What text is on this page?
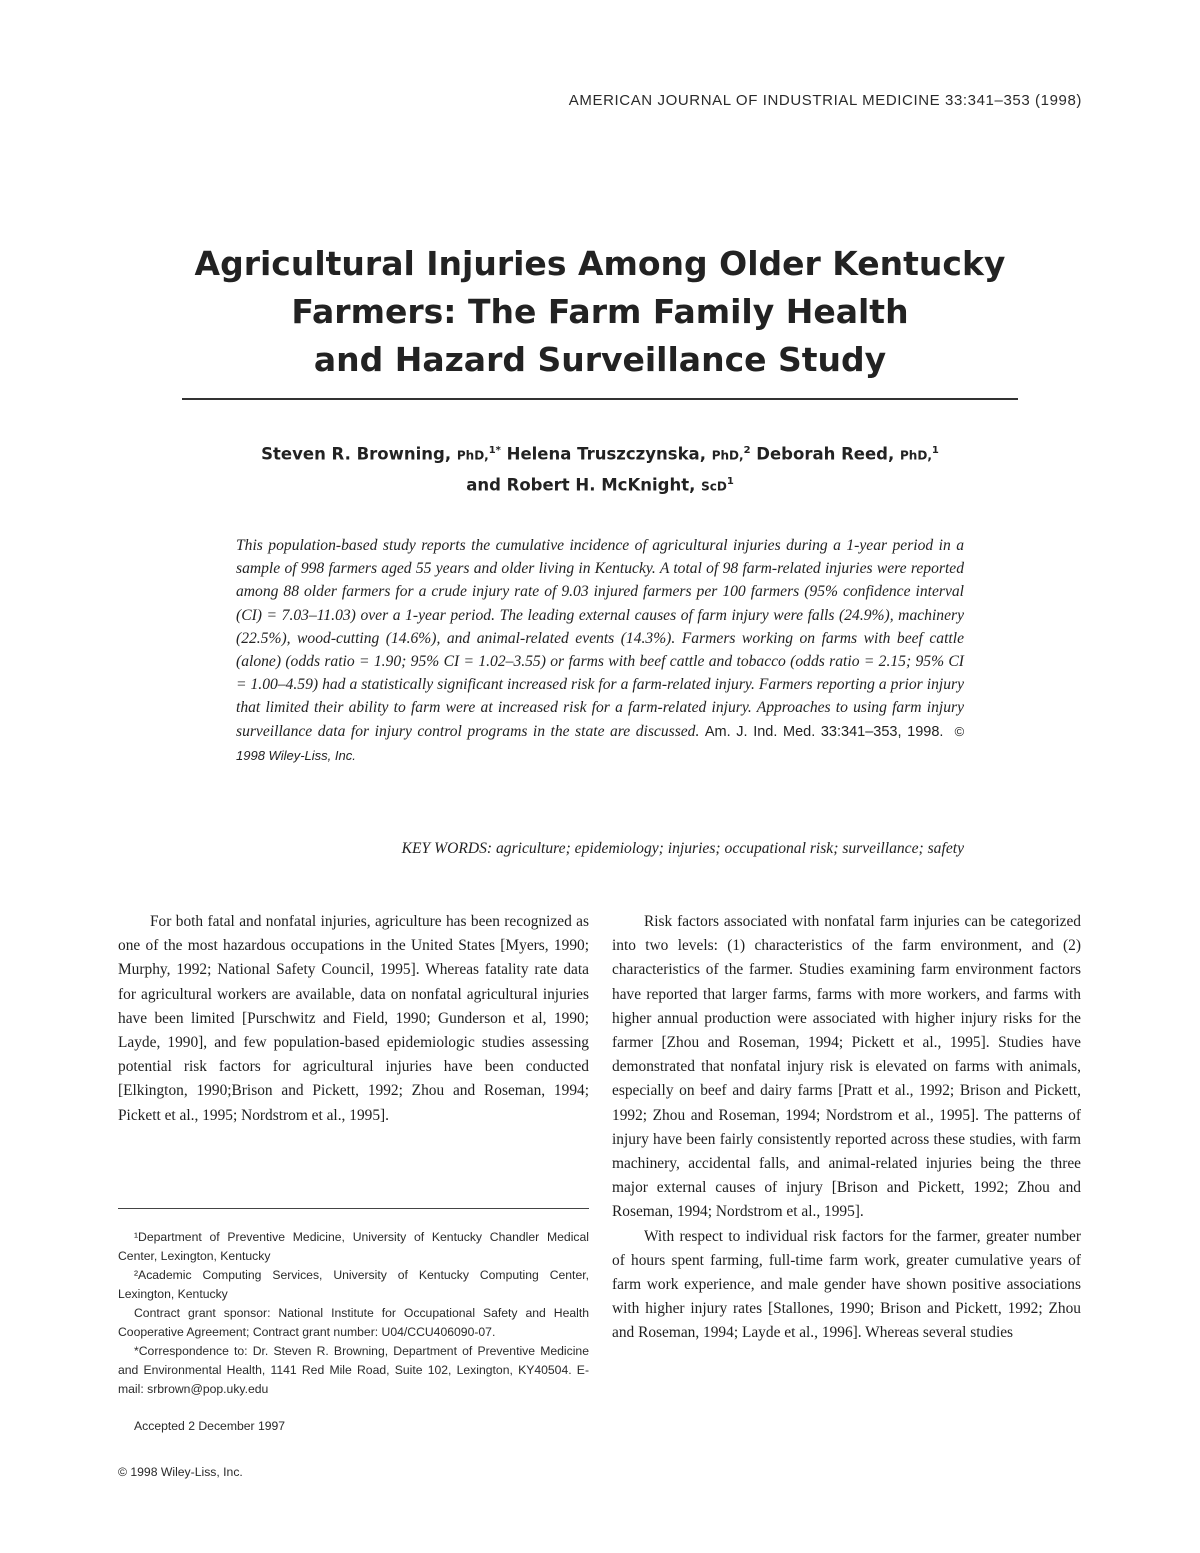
AMERICAN JOURNAL OF INDUSTRIAL MEDICINE 33:341–353 (1998)
Agricultural Injuries Among Older Kentucky
Farmers: The Farm Family Health
and Hazard Surveillance Study
Steven R. Browning, PhD,$^{1*}$ Helena Truszczynska, PhD,$^2$ Deborah Reed, PhD,$^1$
and Robert H. McKnight, ScD$^1$
This population-based study reports the cumulative incidence of agricultural injuries during a 1-year period in a sample of 998 farmers aged 55 years and older living in Kentucky. A total of 98 farm-related injuries were reported among 88 older farmers for a crude injury rate of 9.03 injured farmers per 100 farmers (95% confidence interval (CI) = 7.03–11.03) over a 1-year period. The leading external causes of farm injury were falls (24.9%), machinery (22.5%), wood-cutting (14.6%), and animal-related events (14.3%). Farmers working on farms with beef cattle (alone) (odds ratio = 1.90; 95% CI = 1.02–3.55) or farms with beef cattle and tobacco (odds ratio = 2.15; 95% CI = 1.00–4.59) had a statistically significant increased risk for a farm-related injury. Farmers reporting a prior injury that limited their ability to farm were at increased risk for a farm-related injury. Approaches to using farm injury surveillance data for injury control programs in the state are discussed. Am. J. Ind. Med. 33:341–353, 1998. © 1998 Wiley-Liss, Inc.
KEY WORDS: agriculture; epidemiology; injuries; occupational risk; surveillance; safety

For both fatal and nonfatal injuries, agriculture has been recognized as one of the most hazardous occupations in the United States [Myers, 1990; Murphy, 1992; National Safety Council, 1995]. Whereas fatality rate data for agricultural workers are available, data on nonfatal agricultural injuries have been limited [Purschwitz and Field, 1990; Gunderson et al, 1990; Layde, 1990], and few population-based epidemiologic studies assessing potential risk factors for agricultural injuries have been conducted [Elkington, 1990;Brison and Pickett, 1992; Zhou and Roseman, 1994; Pickett et al., 1995; Nordstrom et al., 1995].

Risk factors associated with nonfatal farm injuries can be categorized into two levels: (1) characteristics of the farm environment, and (2) characteristics of the farmer. Studies examining farm environment factors have reported that larger farms, farms with more workers, and farms with higher annual production were associated with higher injury risks for the farmer [Zhou and Roseman, 1994; Pickett et al., 1995]. Studies have demonstrated that nonfatal injury risk is elevated on farms with animals, especially on beef and dairy farms [Pratt et al., 1992; Brison and Pickett, 1992; Zhou and Roseman, 1994; Nordstrom et al., 1995]. The patterns of injury have been fairly consistently reported across these studies, with farm machinery, accidental falls, and animal-related injuries being the three major external causes of injury [Brison and Pickett, 1992; Zhou and Roseman, 1994; Nordstrom et al., 1995].

With respect to individual risk factors for the farmer, greater number of hours spent farming, full-time farm work, greater cumulative years of farm work experience, and male gender have shown positive associations with higher injury rates [Stallones, 1990; Brison and Pickett, 1992; Zhou and Roseman, 1994; Layde et al., 1996]. Whereas several studies

¹Department of Preventive Medicine, University of Kentucky Chandler Medical Center, Lexington, Kentucky

²Academic Computing Services, University of Kentucky Computing Center, Lexington, Kentucky

Contract grant sponsor: National Institute for Occupational Safety and Health Cooperative Agreement; Contract grant number: U04/CCU406090-07.

*Correspondence to: Dr. Steven R. Browning, Department of Preventive Medicine and Environmental Health, 1141 Red Mile Road, Suite 102, Lexington, KY40504. E-mail: srbrown@pop.uky.edu

Accepted 2 December 1997
© 1998 Wiley-Liss, Inc.
